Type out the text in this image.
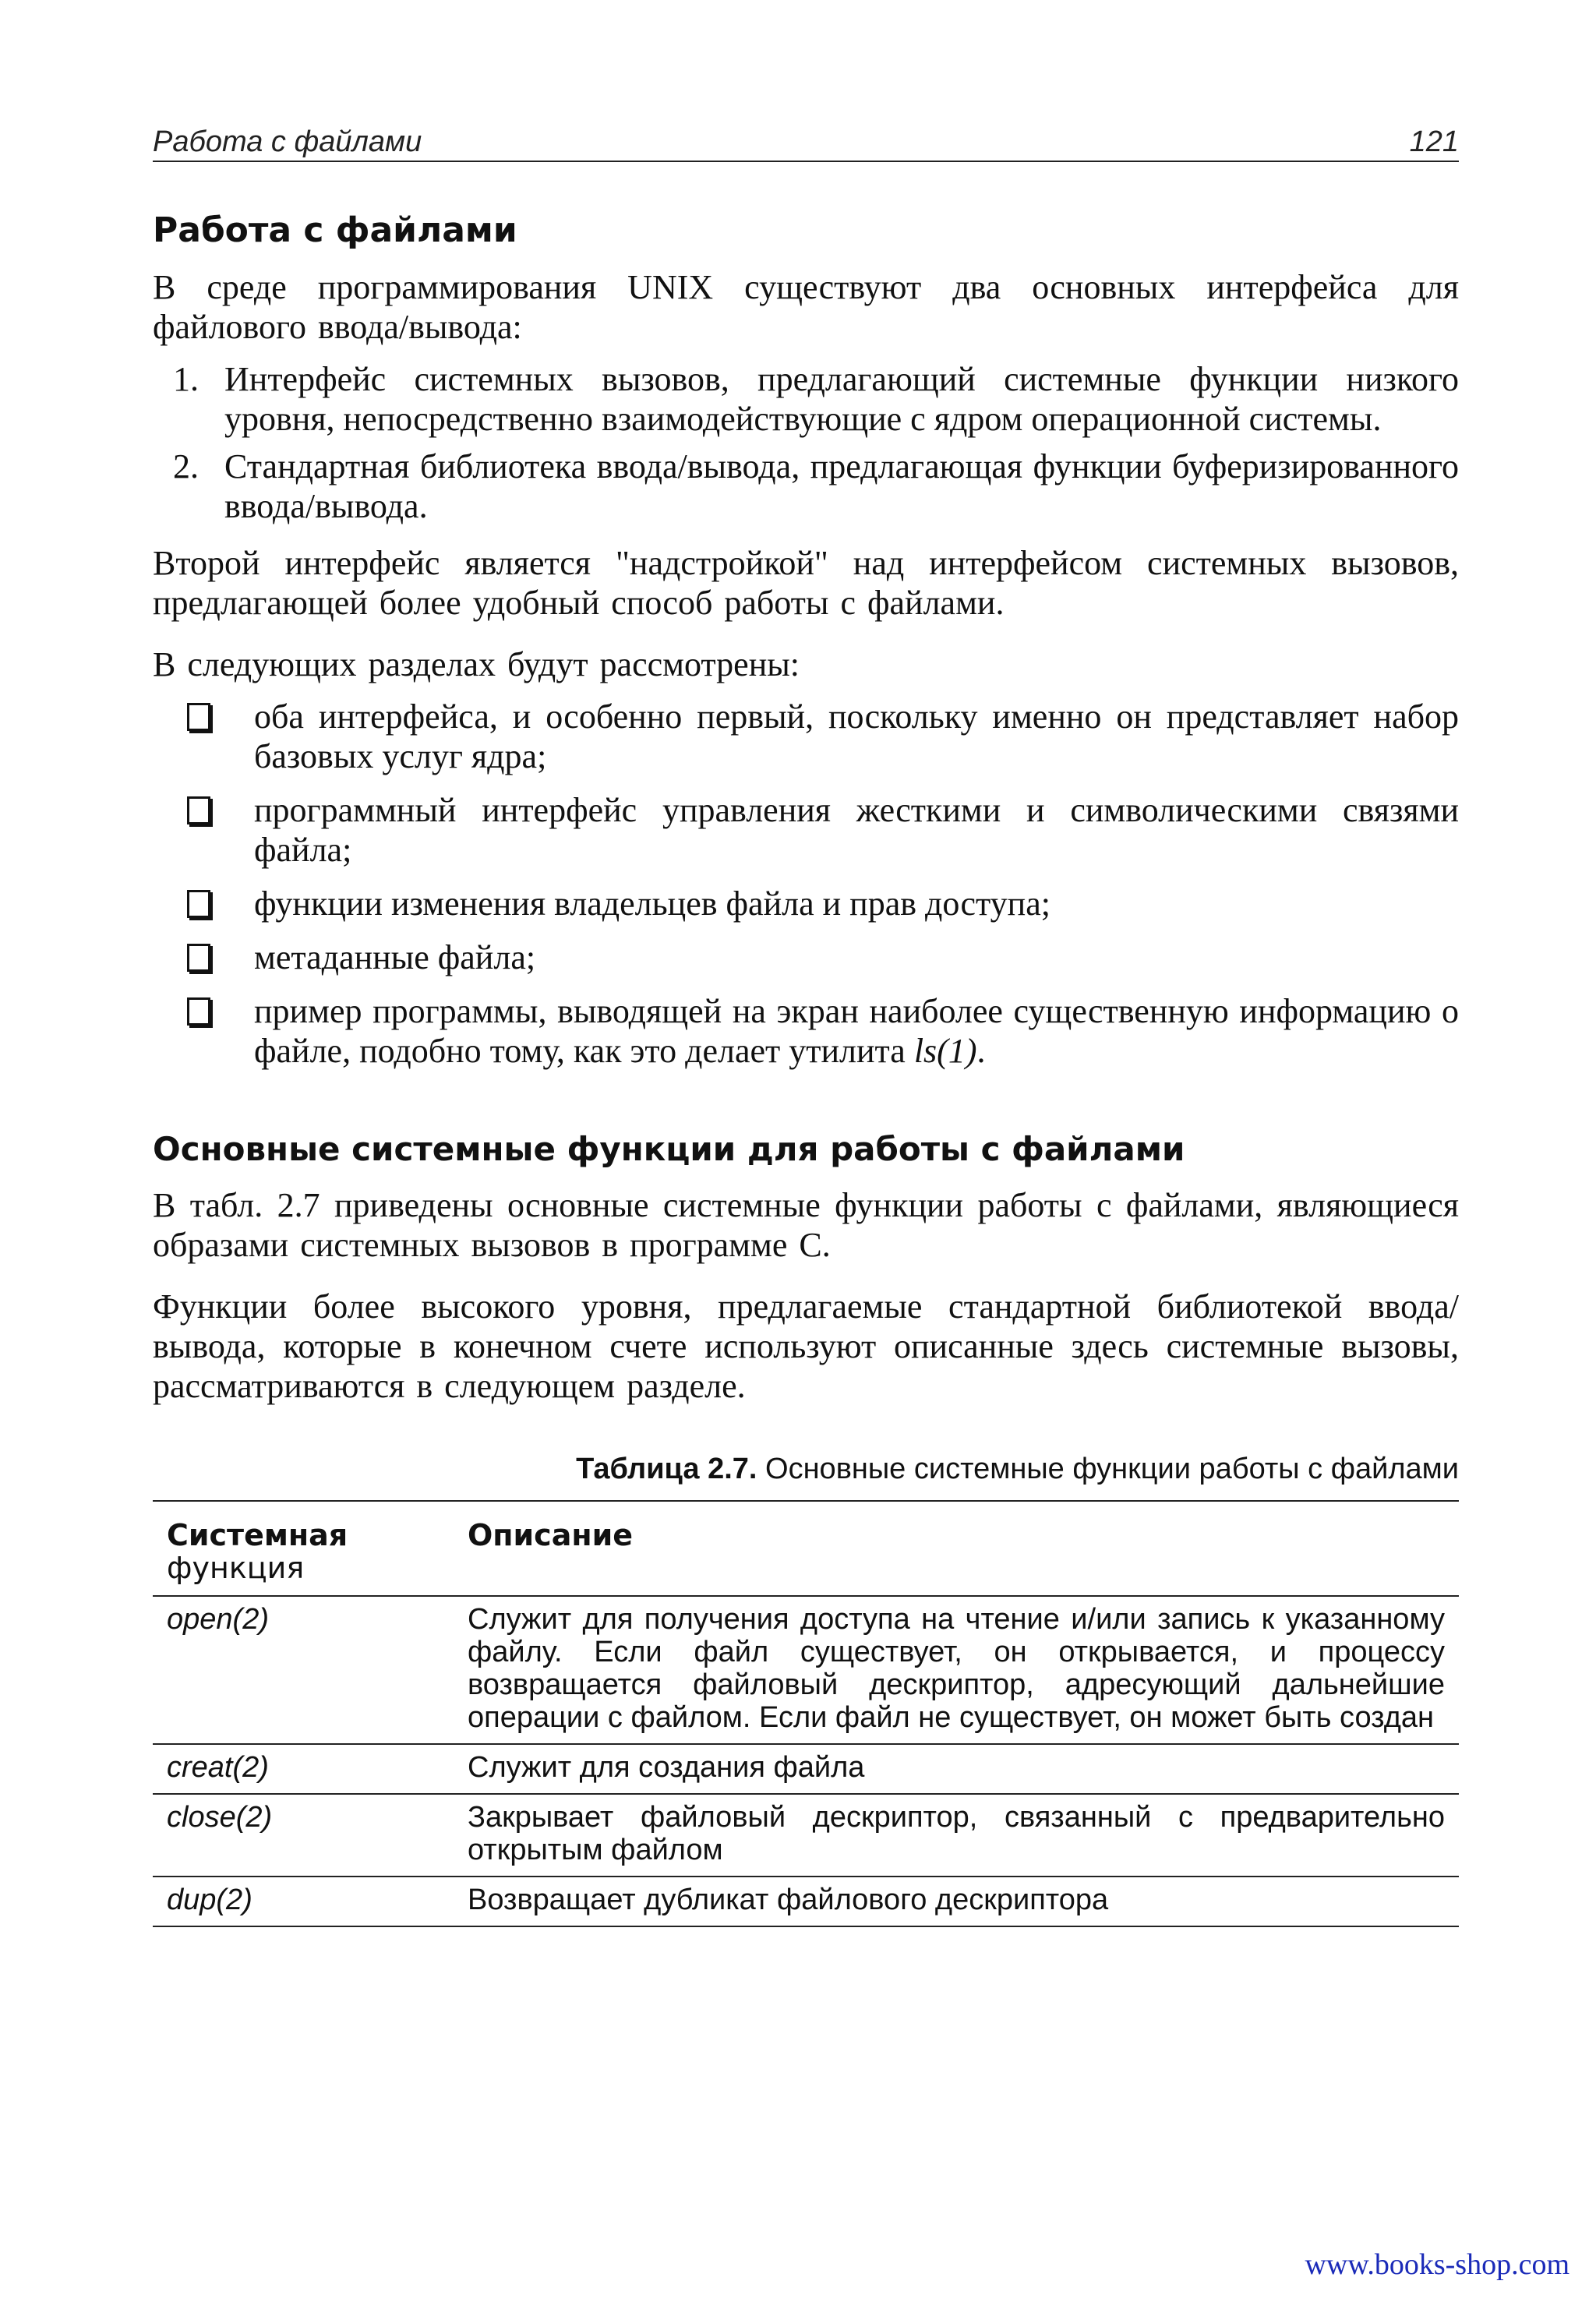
Работа с файлами	121
Работа с файлами

В среде программирования UNIX существуют два основных интерфейса для файлового ввода/вывода:

1. Интерфейс системных вызовов, предлагающий системные функции низкого уровня, непосредственно взаимодействующие с ядром операционной системы.
2. Стандартная библиотека ввода/вывода, предлагающая функции буферизированного ввода/вывода.

Второй интерфейс является "надстройкой" над интерфейсом системных вызовов, предлагающей более удобный способ работы с файлами.

В следующих разделах будут рассмотрены:

оба интерфейса, и особенно первый, поскольку именно он представляет набор базовых услуг ядра;
программный интерфейс управления жесткими и символическими связями файла;
функции изменения владельцев файла и прав доступа;
метаданные файла;
пример программы, выводящей на экран наиболее существенную информацию о файле, подобно тому, как это делает утилита ls(1).
Основные системные функции для работы с файлами

В табл. 2.7 приведены основные системные функции работы с файлами, являющиеся образами системных вызовов в программе С.

Функции более высокого уровня, предлагаемые стандартной библиотекой ввода/вывода, которые в конечном счете используют описанные здесь системные вызовы, рассматриваются в следующем разделе.

Таблица 2.7. Основные системные функции работы с файлами
Системная
функция	Описание

open(2)	Служит для получения доступа на чтение и/или запись к указанному файлу. Если файл существует, он открывается, и процессу возвращается файловый дескриптор, адресующий дальнейшие операции с файлом. Если файл не существует, он может быть создан
creat(2)	Служит для создания файла
close(2)	Закрывает файловый дескриптор, связанный с предварительно открытым файлом
dup(2)	Возвращает дубликат файлового дескриптора
www.books-shop.com
